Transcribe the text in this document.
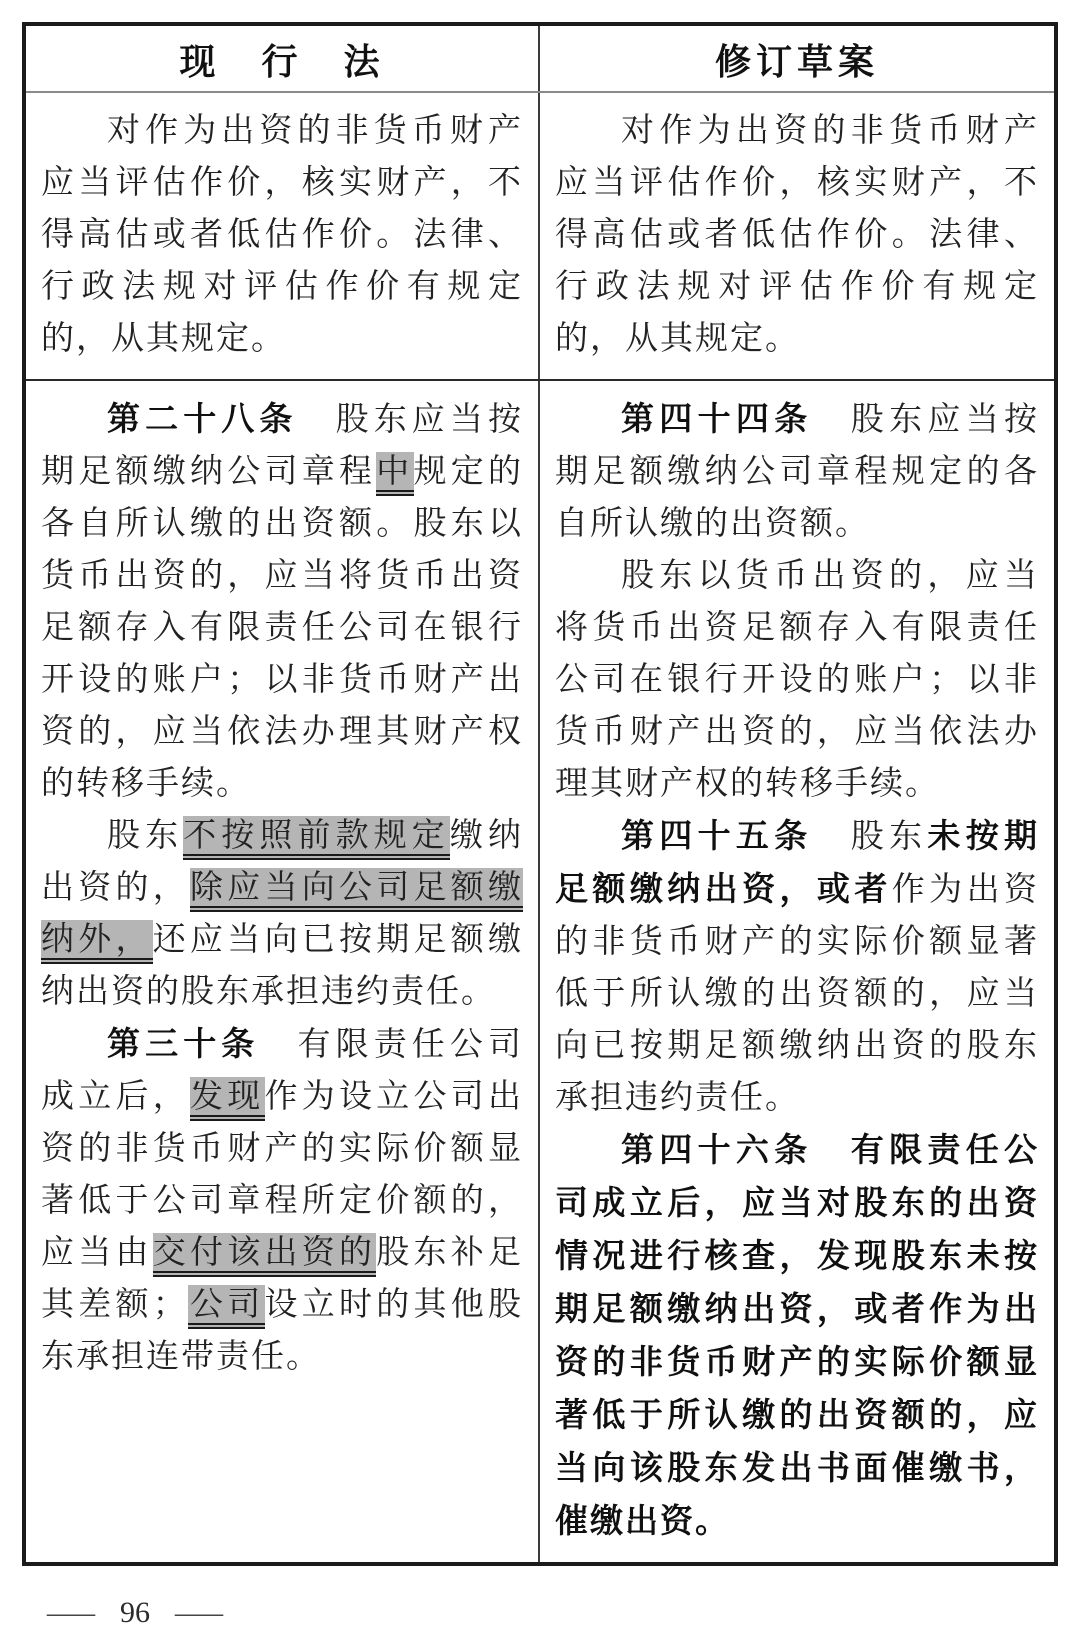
现　行　法	修订草案

对作为出资的非货币财产应当评估作价，核实财产，不得高估或者低估作价。法律、行政法规对评估作价有规定的，从其规定。

对作为出资的非货币财产应当评估作价，核实财产，不得高估或者低估作价。法律、行政法规对评估作价有规定的，从其规定。

第二十八条　股东应当按期足额缴纳公司章程中规定的各自所认缴的出资额。股东以货币出资的，应当将货币出资足额存入有限责任公司在银行开设的账户；以非货币财产出资的，应当依法办理其财产权的转移手续。

股东不按照前款规定缴纳出资的，除应当向公司足额缴纳外，还应当向已按期足额缴纳出资的股东承担违约责任。

第三十条　有限责任公司成立后，发现作为设立公司出资的非货币财产的实际价额显著低于公司章程所定价额的，应当由交付该出资的股东补足其差额；公司设立时的其他股东承担连带责任。

第四十四条　股东应当按期足额缴纳公司章程规定的各自所认缴的出资额。

股东以货币出资的，应当将货币出资足额存入有限责任公司在银行开设的账户；以非货币财产出资的，应当依法办理其财产权的转移手续。

第四十五条　股东未按期足额缴纳出资，或者作为出资的非货币财产的实际价额显著低于所认缴的出资额的，应当向已按期足额缴纳出资的股东承担违约责任。

第四十六条　有限责任公司成立后，应当对股东的出资情况进行核查，发现股东未按期足额缴纳出资，或者作为出资的非货币财产的实际价额显著低于所认缴的出资额的，应当向该股东发出书面催缴书，催缴出资。

— 96 —
